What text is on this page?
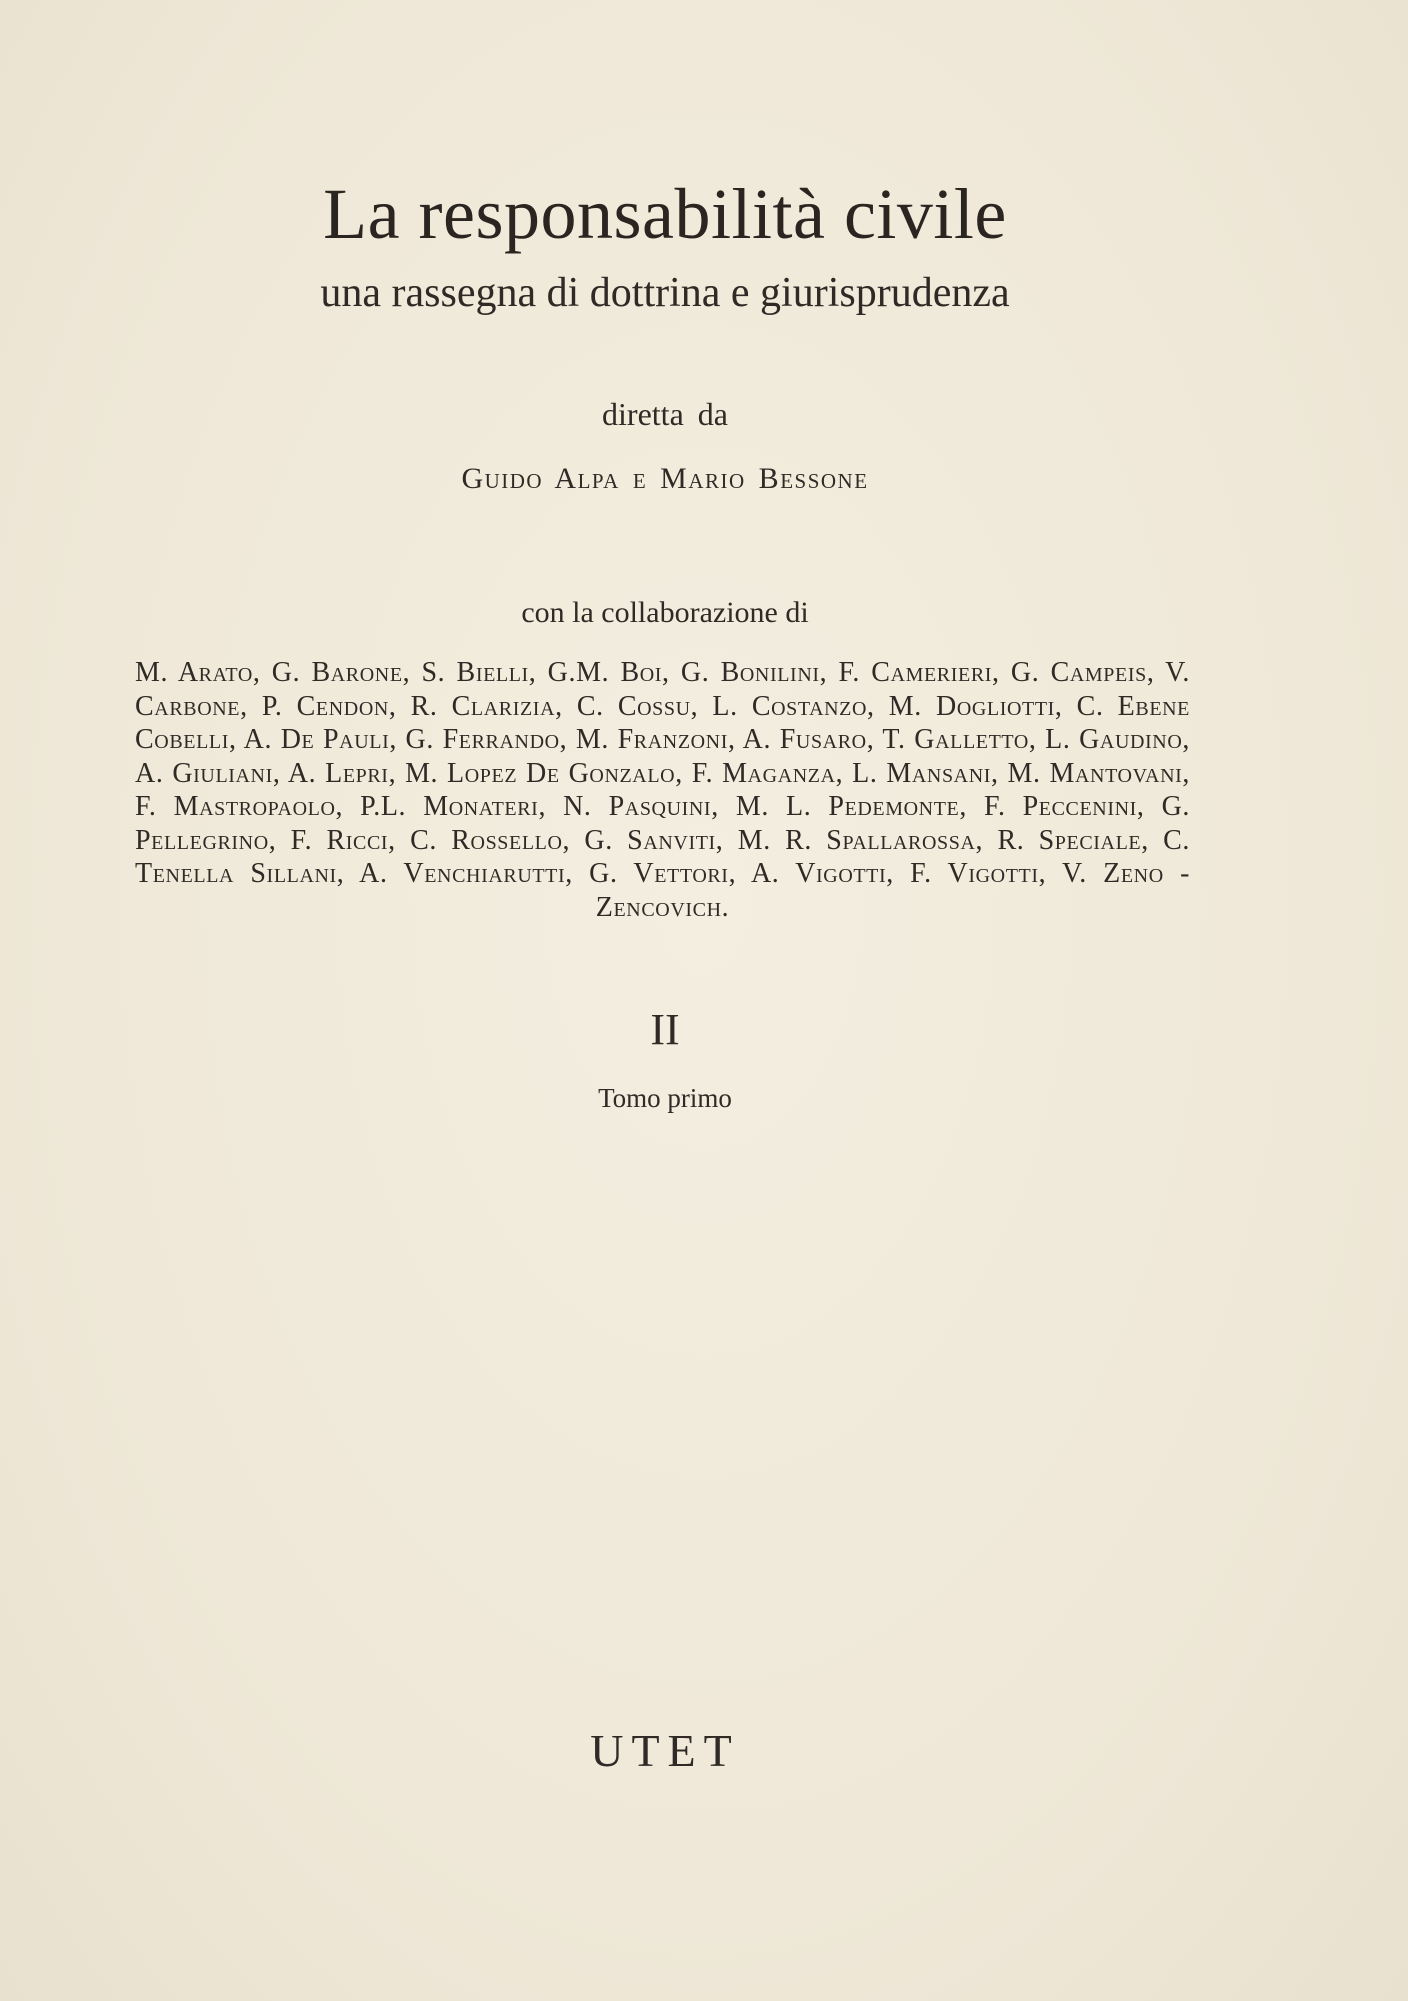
La responsabilità civile
una rassegna di dottrina e giurisprudenza
diretta da
Guido Alpa e Mario Bessone
con la collaborazione di
M. Arato, G. Barone, S. Bielli, G.M. Boi, G. Bonilini, F. Camerieri, G. Campeis, V. Carbone, P. Cendon, R. Clarizia, C. Cossu, L. Costanzo, M. Dogliotti, C. Ebene Cobelli, A. De Pauli, G. Ferrando, M. Franzoni, A. Fusaro, T. Galletto, L. Gaudino, A. Giuliani, A. Lepri, M. Lopez De Gonzalo, F. Maganza, L. Mansani, M. Mantovani, F. Mastropaolo, P.L. Monateri, N. Pasquini, M. L. Pedemonte, F. Peccenini, G. Pellegrino, F. Ricci, C. Rossello, G. Sanviti, M. R. Spallarossa, R. Speciale, C. Tenella Sillani, A. Venchiarutti, G. Vettori, A. Vigotti, F. Vigotti, V. Zeno - Zencovich.
II
Tomo primo
UTET
